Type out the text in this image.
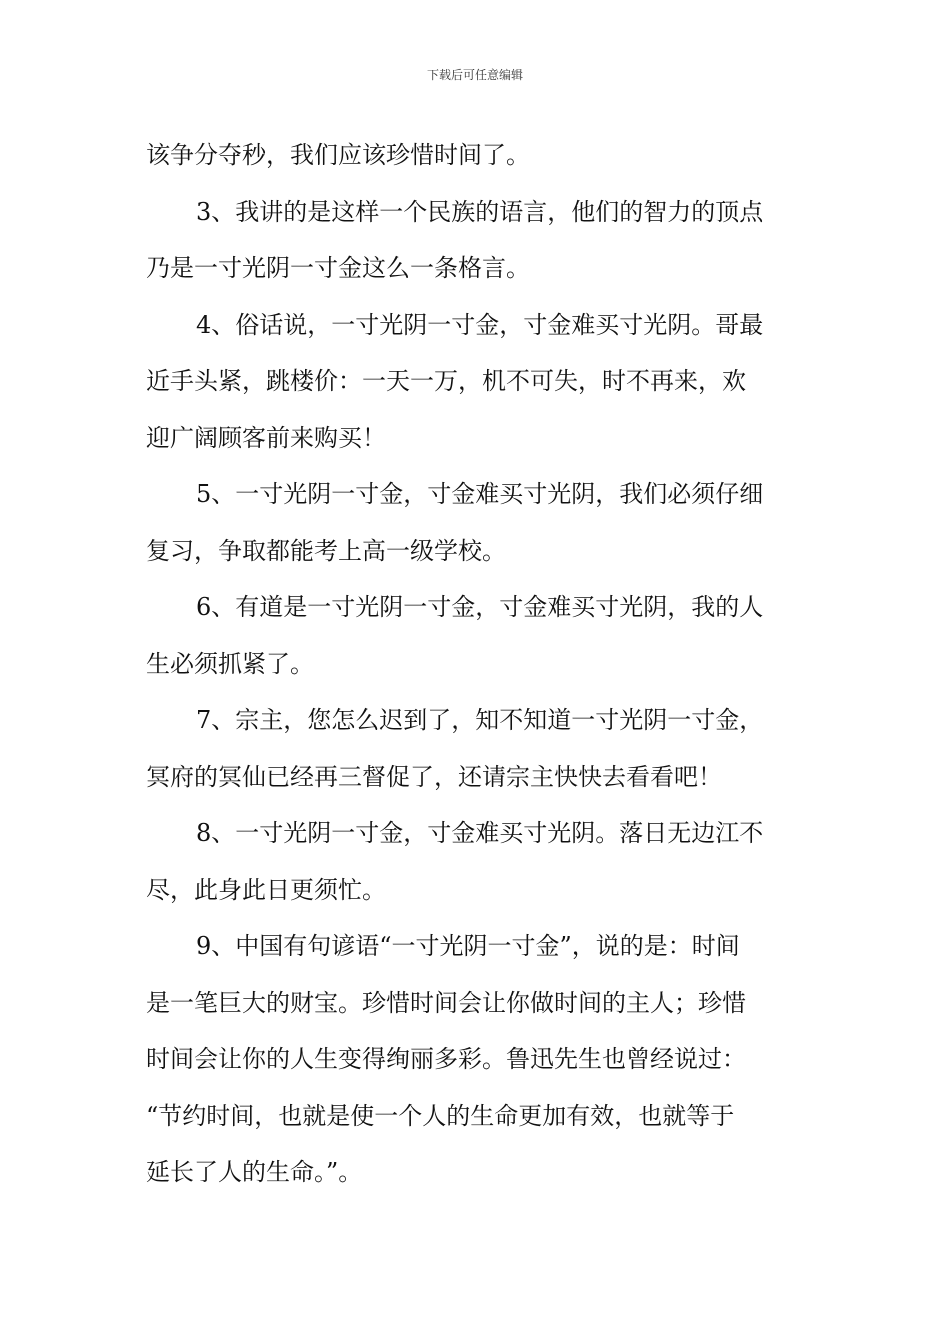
下载后可任意编辑
该争分夺秒，我们应该珍惜时间了。
3、我讲的是这样一个民族的语言，他们的智力的顶点
乃是一寸光阴一寸金这么一条格言。
4、俗话说，一寸光阴一寸金，寸金难买寸光阴。哥最
近手头紧，跳楼价：一天一万，机不可失，时不再来，欢
迎广阔顾客前来购买！
5、一寸光阴一寸金，寸金难买寸光阴，我们必须仔细
复习，争取都能考上高一级学校。
6、有道是一寸光阴一寸金，寸金难买寸光阴，我的人
生必须抓紧了。
7、宗主，您怎么迟到了，知不知道一寸光阴一寸金，
冥府的冥仙已经再三督促了，还请宗主快快去看看吧！
8、一寸光阴一寸金，寸金难买寸光阴。落日无边江不
尽，此身此日更须忙。
9、中国有句谚语“一寸光阴一寸金”，说的是：时间
是一笔巨大的财宝。珍惜时间会让你做时间的主人；珍惜
时间会让你的人生变得绚丽多彩。鲁迅先生也曾经说过：
“节约时间，也就是使一个人的生命更加有效，也就等于
延长了人的生命。”。
